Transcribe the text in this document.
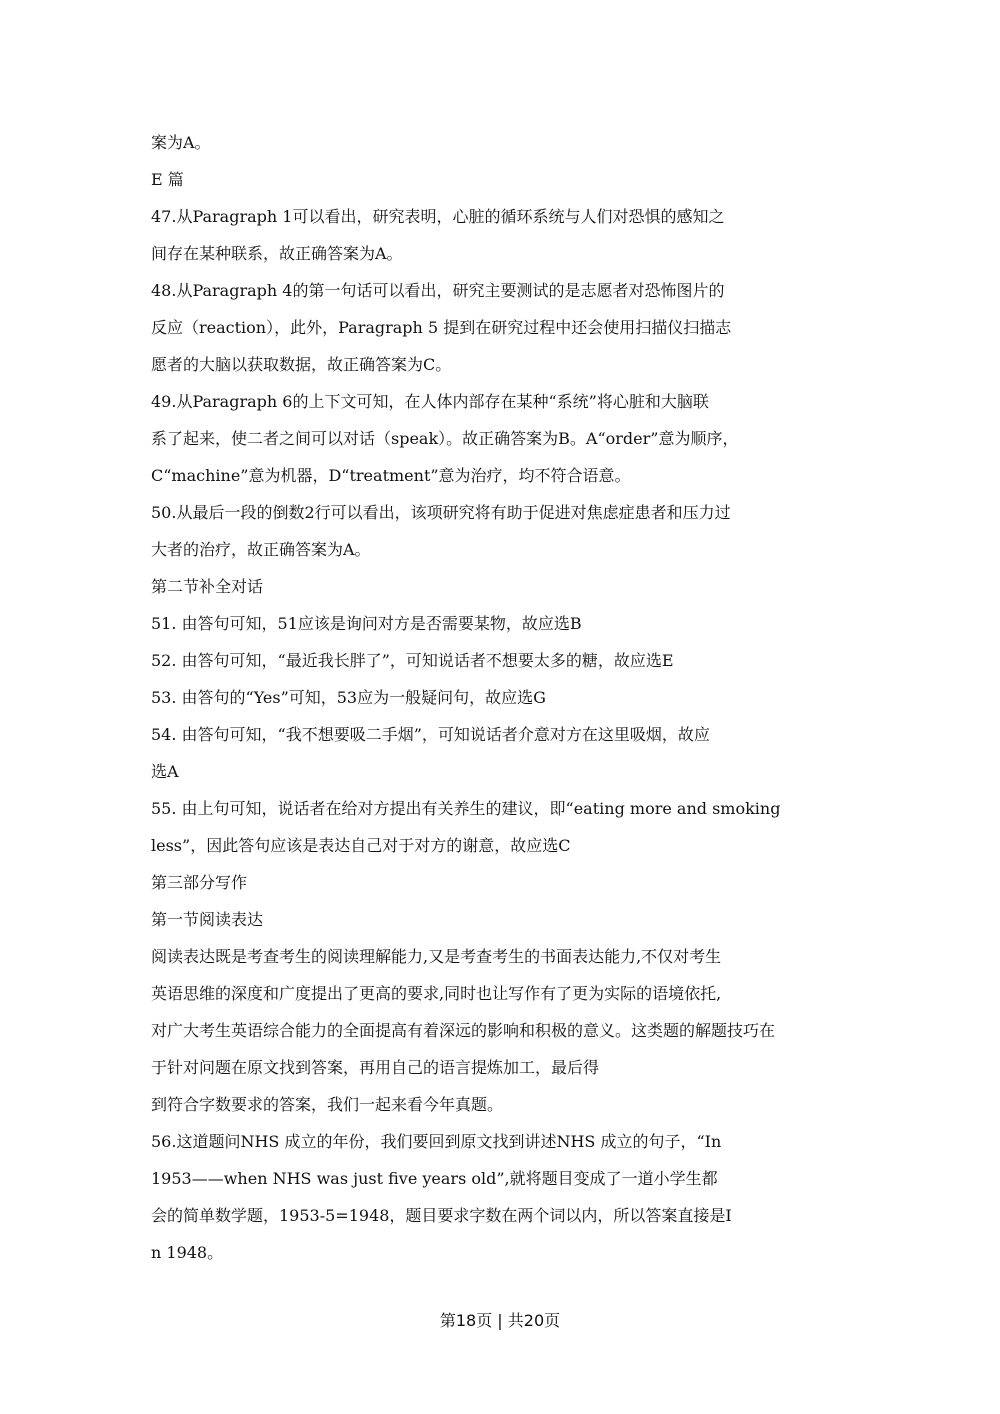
案为A。
E 篇
47.从Paragraph 1可以看出，研究表明，心脏的循环系统与人们对恐惧的感知之
间存在某种联系，故正确答案为A。
48.从Paragraph 4的第一句话可以看出，研究主要测试的是志愿者对恐怖图片的
反应（reaction），此外，Paragraph 5 提到在研究过程中还会使用扫描仪扫描志
愿者的大脑以获取数据，故正确答案为C。
49.从Paragraph 6的上下文可知，在人体内部存在某种“系统”将心脏和大脑联
系了起来，使二者之间可以对话（speak）。故正确答案为B。A“order”意为顺序，
C“machine”意为机器，D“treatment”意为治疗，均不符合语意。
50.从最后一段的倒数2行可以看出，该项研究将有助于促进对焦虑症患者和压力过
大者的治疗，故正确答案为A。
第二节补全对话
51. 由答句可知，51应该是询问对方是否需要某物，故应选B
52. 由答句可知，“最近我长胖了”，可知说话者不想要太多的糖，故应选E
53. 由答句的“Yes”可知，53应为一般疑问句，故应选G
54. 由答句可知，“我不想要吸二手烟”，可知说话者介意对方在这里吸烟，故应
选A
55. 由上句可知，说话者在给对方提出有关养生的建议，即“eating more and smoking
less”，因此答句应该是表达自己对于对方的谢意，故应选C
第三部分写作
第一节阅读表达
阅读表达既是考查考生的阅读理解能力,又是考查考生的书面表达能力,不仅对考生
英语思维的深度和广度提出了更高的要求,同时也让写作有了更为实际的语境依托,
对广大考生英语综合能力的全面提高有着深远的影响和积极的意义。这类题的解题技巧在
于针对问题在原文找到答案，再用自己的语言提炼加工，最后得
到符合字数要求的答案，我们一起来看今年真题。
56.这道题问NHS 成立的年份，我们要回到原文找到讲述NHS 成立的句子，“In
1953——when NHS was just five years old”,就将题目变成了一道小学生都
会的简单数学题，1953-5=1948，题目要求字数在两个词以内，所以答案直接是I
n 1948。
第18页 | 共20页
